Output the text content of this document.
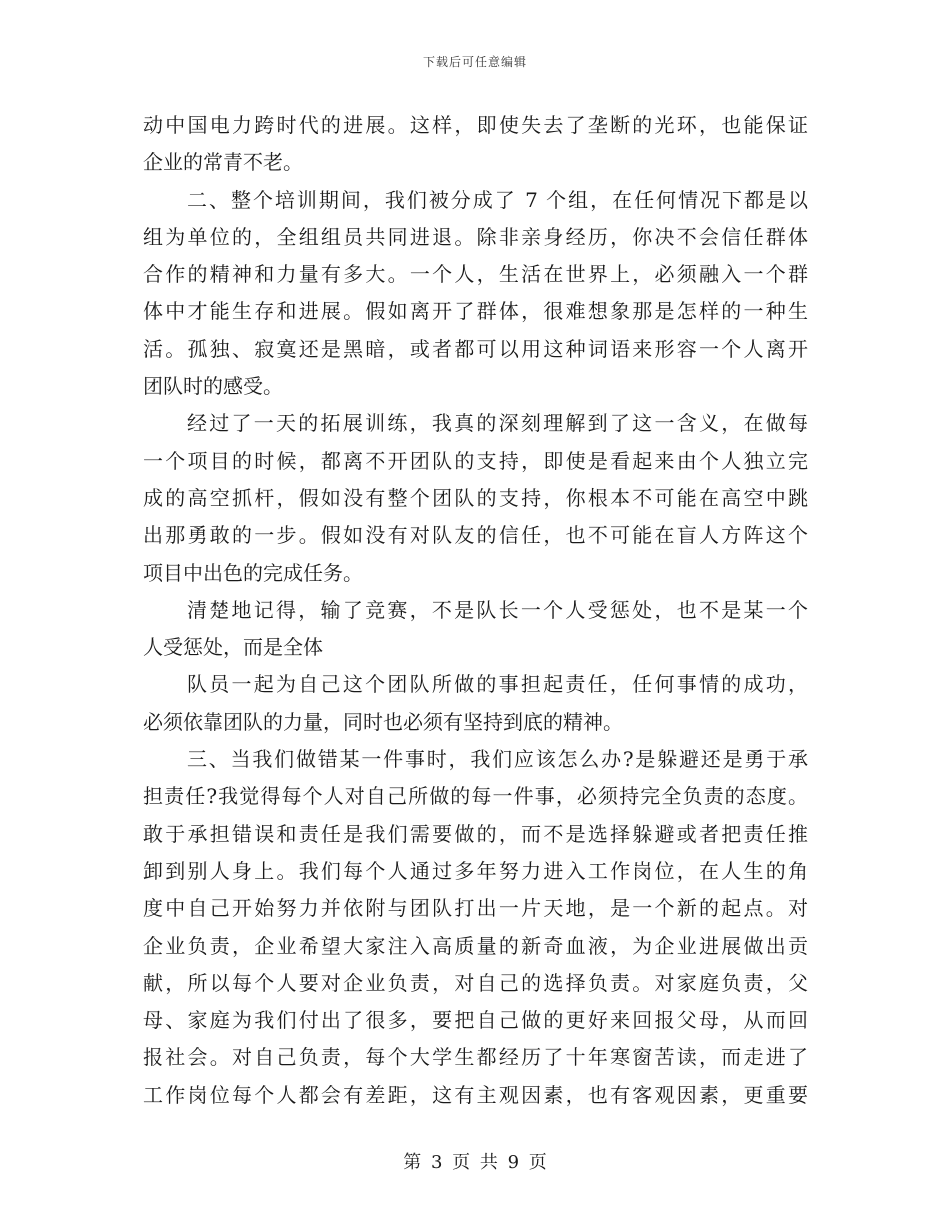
下载后可任意编辑
动中国电力跨时代的进展。这样，即使失去了垄断的光环，也能保证
企业的常青不老。
二、整个培训期间，我们被分成了 7 个组，在任何情况下都是以
组为单位的，全组组员共同进退。除非亲身经历，你决不会信任群体
合作的精神和力量有多大。一个人，生活在世界上，必须融入一个群
体中才能生存和进展。假如离开了群体，很难想象那是怎样的一种生
活。孤独、寂寞还是黑暗，或者都可以用这种词语来形容一个人离开
团队时的感受。
经过了一天的拓展训练，我真的深刻理解到了这一含义，在做每
一个项目的时候，都离不开团队的支持，即使是看起来由个人独立完
成的高空抓杆，假如没有整个团队的支持，你根本不可能在高空中跳
出那勇敢的一步。假如没有对队友的信任，也不可能在盲人方阵这个
项目中出色的完成任务。
清楚地记得，输了竞赛，不是队长一个人受惩处，也不是某一个
人受惩处，而是全体
队员一起为自己这个团队所做的事担起责任，任何事情的成功，
必须依靠团队的力量，同时也必须有坚持到底的精神。
三、当我们做错某一件事时，我们应该怎么办?是躲避还是勇于承
担责任?我觉得每个人对自己所做的每一件事，必须持完全负责的态度。
敢于承担错误和责任是我们需要做的，而不是选择躲避或者把责任推
卸到别人身上。我们每个人通过多年努力进入工作岗位，在人生的角
度中自己开始努力并依附与团队打出一片天地，是一个新的起点。对
企业负责，企业希望大家注入高质量的新奇血液，为企业进展做出贡
献，所以每个人要对企业负责，对自己的选择负责。对家庭负责，父
母、家庭为我们付出了很多，要把自己做的更好来回报父母，从而回
报社会。对自己负责，每个大学生都经历了十年寒窗苦读，而走进了
工作岗位每个人都会有差距，这有主观因素，也有客观因素，更重要
第 3 页 共 9 页
